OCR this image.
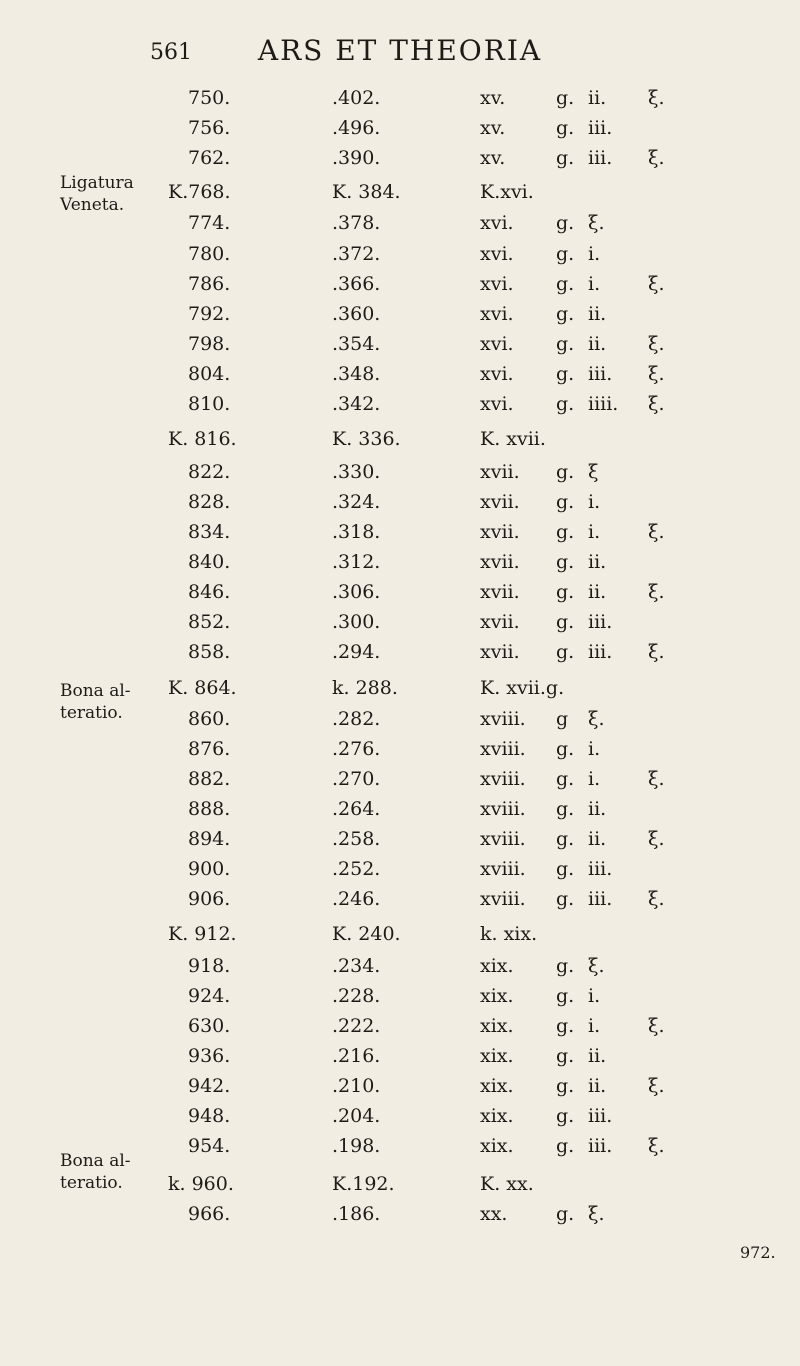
561	ARS ET THEORIA
Ligatura Veneta.
Bona al- teratio.
Bona al- teratio.
750.	.402.	xv.	g. ii. ξ.
756.	.496.	xv.	g. iii.
762.	.390.	xv.	g. iii. ξ.
K.768.	K. 384.	K.xvi.
774.	.378.	xvi. g. ξ.
780.	.372.	xvi. g. i.
786.	.366.	xvi. g. i.	ξ.
792.	.360.	xvi. g. ii.
798.	.354.	xvi. g. ii. ξ.
804.	.348.	xvi. g. iii. ξ.
810.	.342.	xvi. g. iiii. ξ.
K. 816.	K. 336.	K. xvii.
822.	.330.	xvii. g. ξ
828.	.324.	xvii. g. i.
834.	.318.	xvii. g. i.	ξ.
840.	.312.	xvii. g. ii.
846.	.306.	xvii. g. ii. ξ.
852.	.300.	xvii. g. iii.
858.	.294.	xvii. g. iii. ξ.
K. 864.	k. 288.	K. xvii.g.
860.	.282.	xviii. g ξ.
876.	.276.	xviii. g. i.
882.	.270.	xviii. g. i.	ξ.
888.	.264.	xviii. g. ii.
894.	.258.	xviii. g. ii. ξ.
900.	.252.	xviii. g. iii.
906.	.246.	xviii. g. iii. ξ.
K. 912.	K. 240.	k. xix.
918.	.234.	xix. g. ξ.
924.	.228.	xix. g. i.
630.	.222.	xix. g. i.	ξ.
936.	.216.	xix. g. ii.
942.	.210.	xix. g. ii. ξ.
948.	.204.	xix. g. iii.
954.	.198.	xix. g. iii. ξ.
k. 960.	K.192.	K. xx.
966.	.186.	xx.	g. ξ.
972.
